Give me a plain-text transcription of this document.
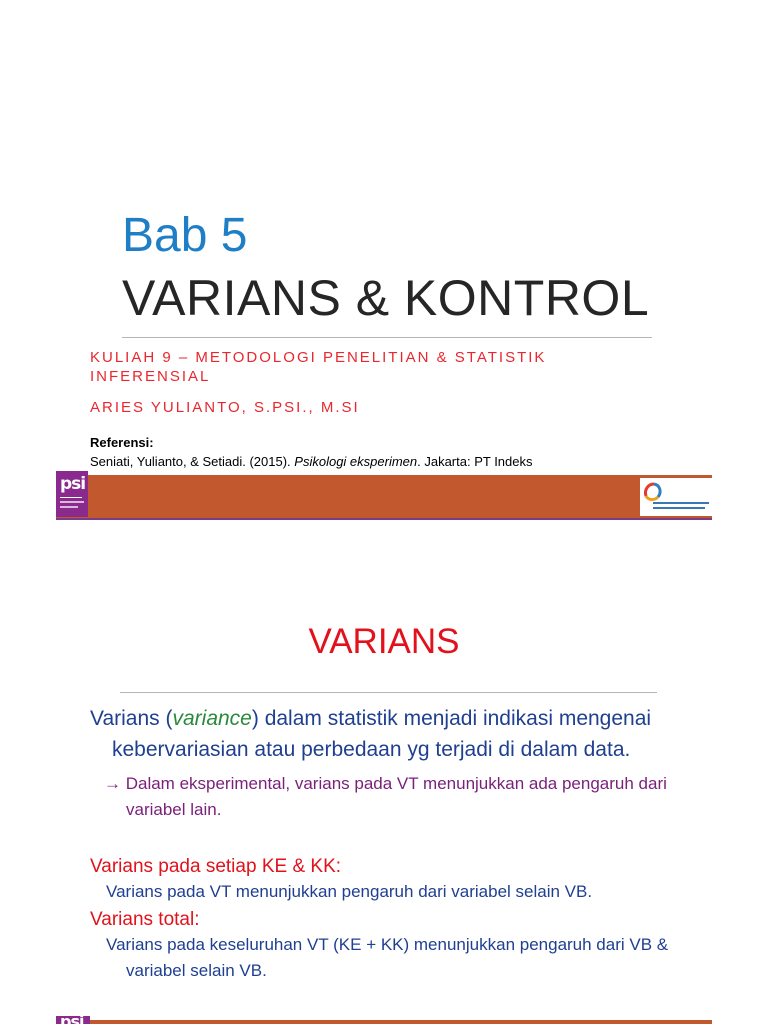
Bab 5
VARIANS & KONTROL
KULIAH 9 – METODOLOGI PENELITIAN & STATISTIK INFERENSIAL
ARIES YULIANTO, S.PSI., M.SI
Referensi:
Seniati, Yulianto, & Setiadi. (2015). Psikologi eksperimen. Jakarta: PT Indeks
psi
VARIANS

Varians (variance) dalam statistik menjadi indikasi mengenai kebervariasian atau perbedaan yg terjadi di dalam data.

→ Dalam eksperimental, varians pada VT menunjukkan ada pengaruh dari variabel lain.

Varians pada setiap KE & KK:

Varians pada VT menunjukkan pengaruh dari variabel selain VB.

Varians total:

Varians pada keseluruhan VT (KE + KK) menunjukkan pengaruh dari VB & variabel selain VB.

psi
